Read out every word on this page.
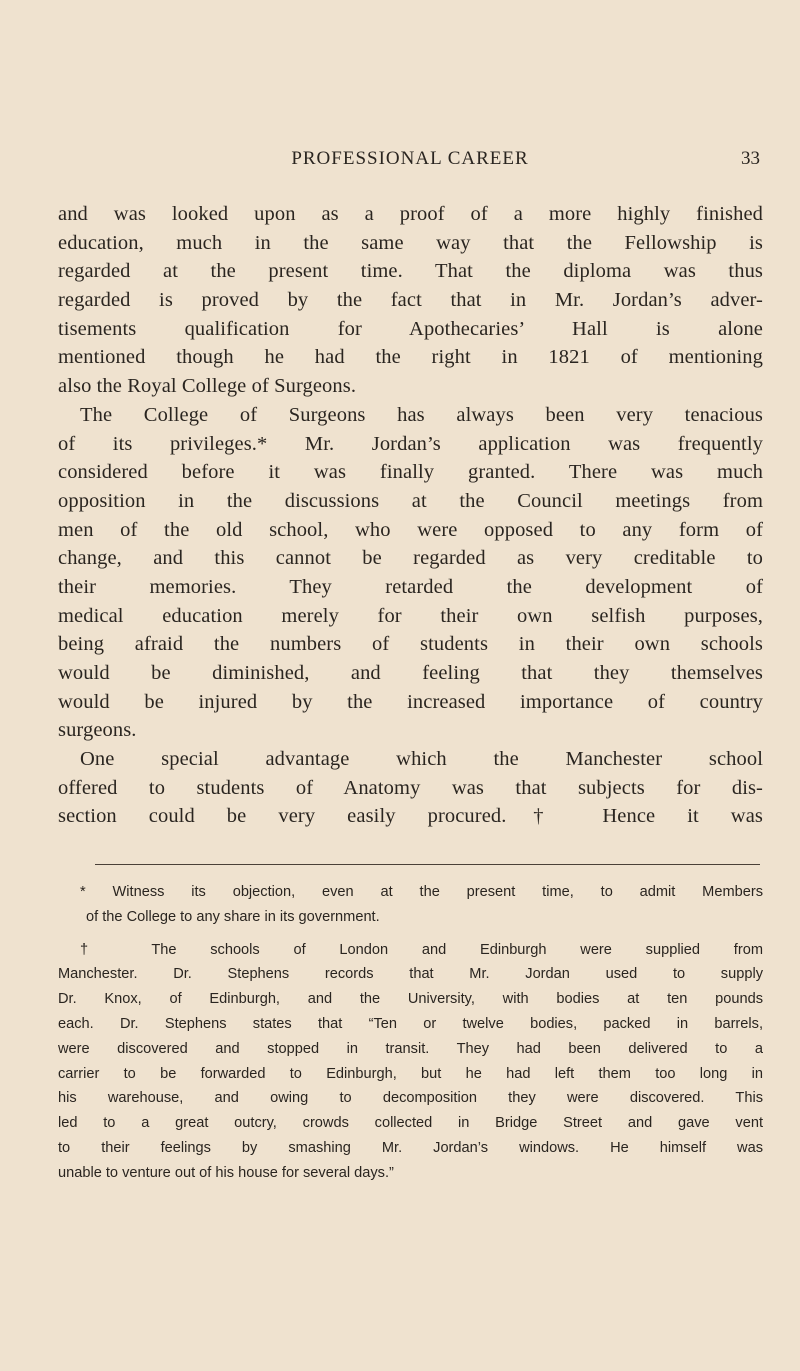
PROFESSIONAL CAREER	33
and was looked upon as a proof of a more highly finished
education, much in the same way that the Fellowship is
regarded at the present time. That the diploma was thus
regarded is proved by the fact that in Mr. Jordan’s adver-
tisements qualification for Apothecaries’ Hall is alone
mentioned though he had the right in 1821 of mentioning
also the Royal College of Surgeons.
The College of Surgeons has always been very tenacious
of its privileges.* Mr. Jordan’s application was frequently
considered before it was finally granted. There was much
opposition in the discussions at the Council meetings from
men of the old school, who were opposed to any form of
change, and this cannot be regarded as very creditable to
their memories. They retarded the development of
medical education merely for their own selfish purposes,
being afraid the numbers of students in their own schools
would be diminished, and feeling that they themselves
would be injured by the increased importance of country
surgeons.
One special advantage which the Manchester school
offered to students of Anatomy was that subjects for dis-
section could be very easily procured.† Hence it was
* Witness its objection, even at the present time, to admit Members
of the College to any share in its government.
† The schools of London and Edinburgh were supplied from
Manchester. Dr. Stephens records that Mr. Jordan used to supply
Dr. Knox, of Edinburgh, and the University, with bodies at ten pounds
each. Dr. Stephens states that “Ten or twelve bodies, packed in barrels,
were discovered and stopped in transit. They had been delivered to a
carrier to be forwarded to Edinburgh, but he had left them too long in
his warehouse, and owing to decomposition they were discovered. This
led to a great outcry, crowds collected in Bridge Street and gave vent
to their feelings by smashing Mr. Jordan’s windows. He himself was
unable to venture out of his house for several days.”
